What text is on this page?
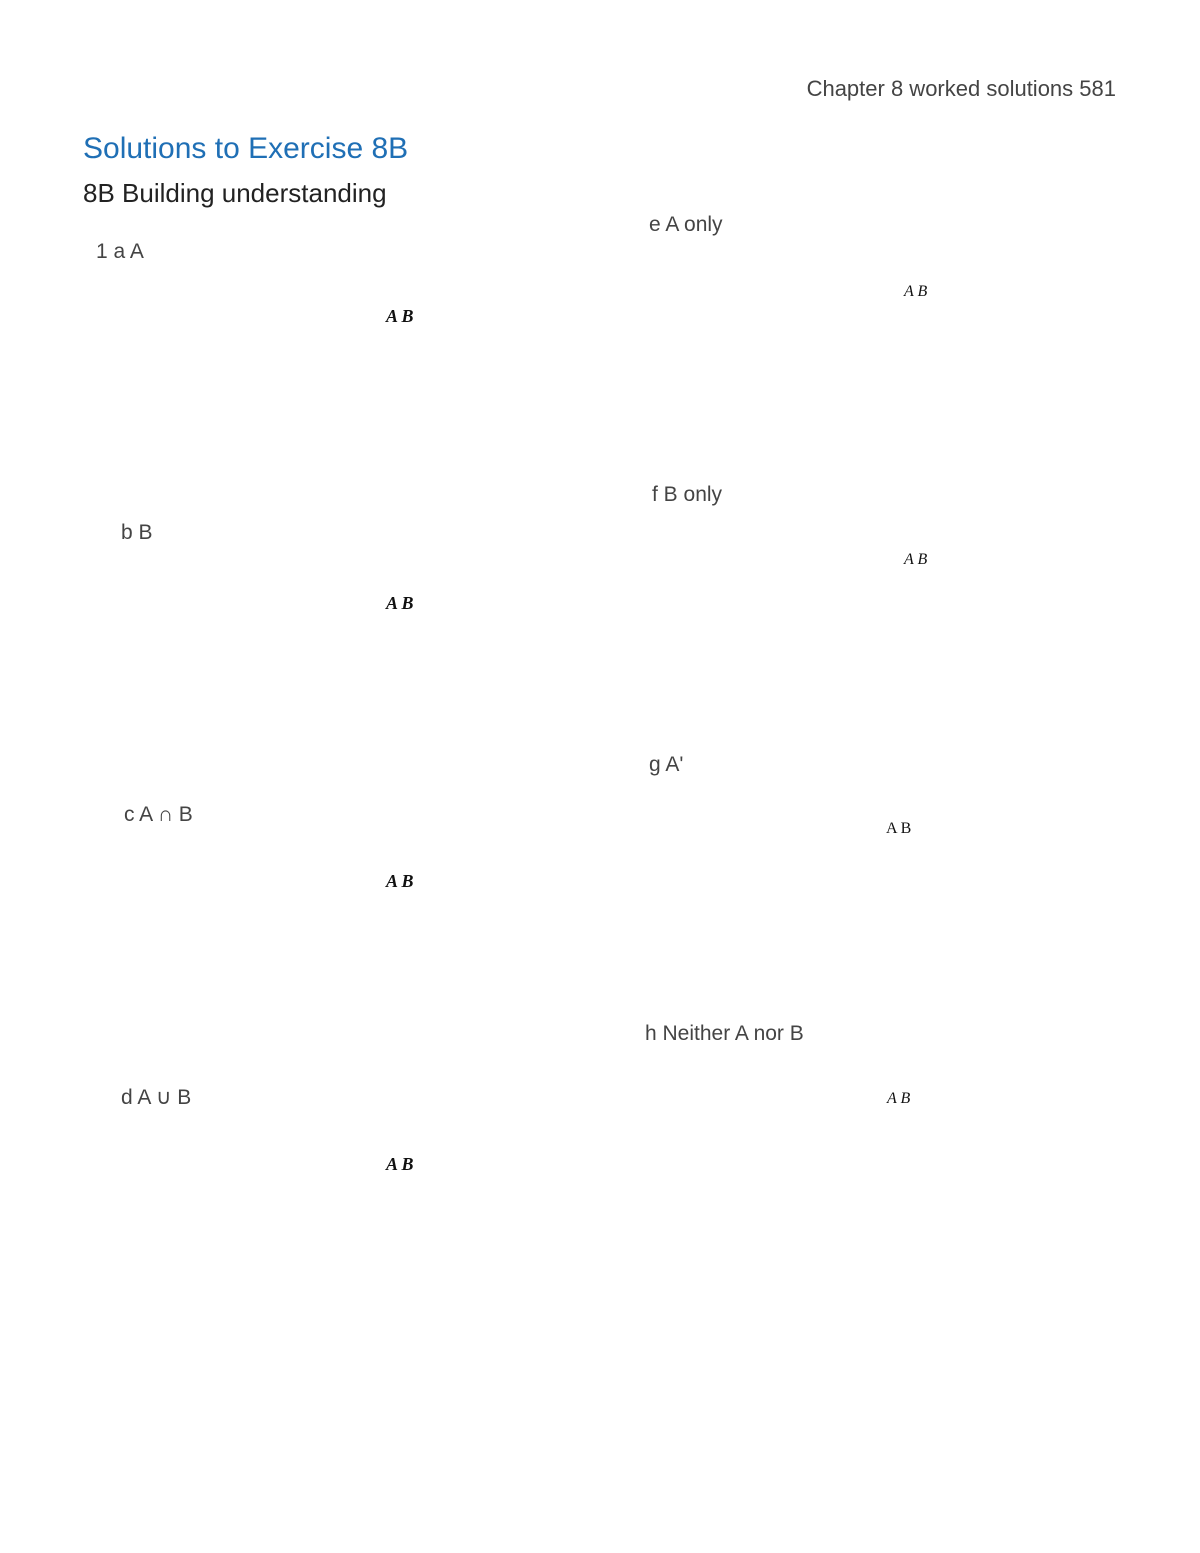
Chapter 8 worked solutions 581
Solutions to Exercise 8B
8B Building understanding
1 a A
A B
b B
A B
c A ∩ B
A B
d A ∪ B
A B
e A only
A B
f B only
A B
g A'
A B
h Neither A nor B
A B
